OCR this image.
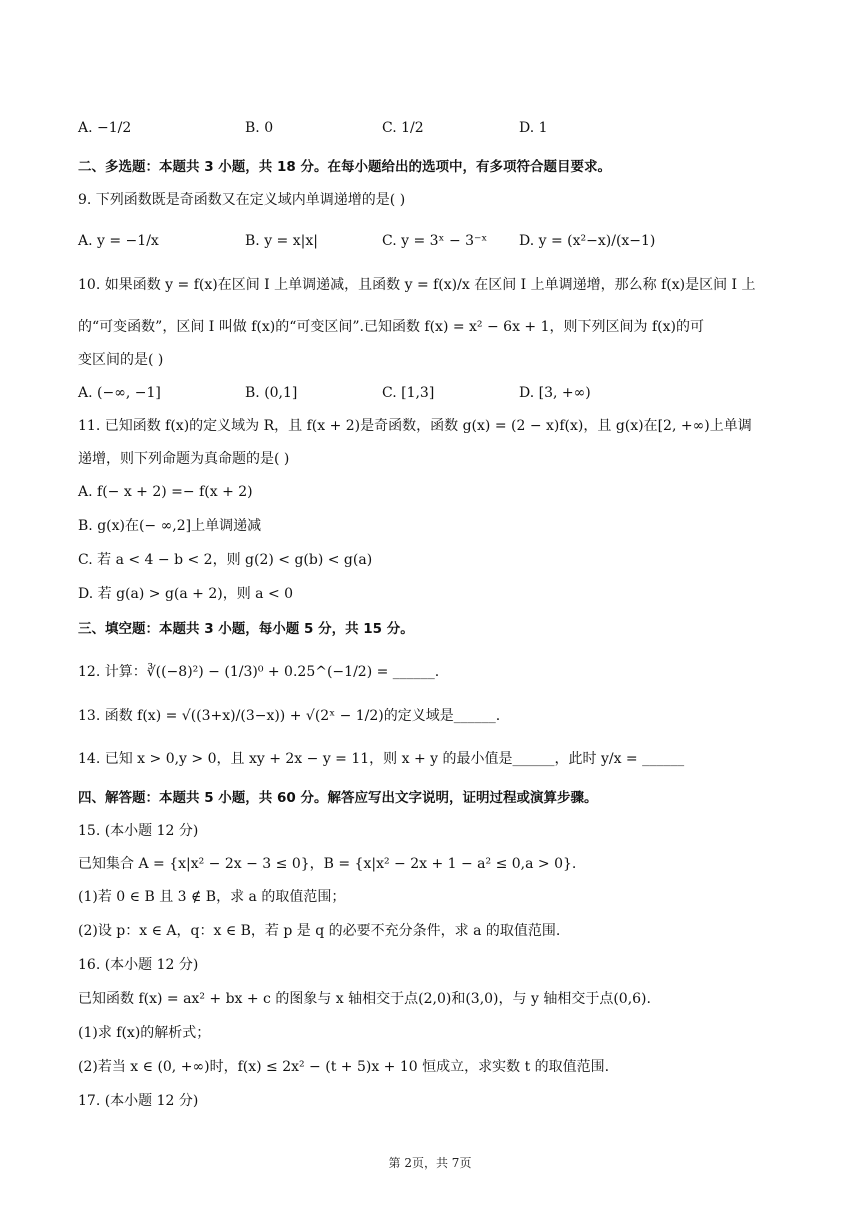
A. −1/2	B. 0	C. 1/2	D. 1
二、多选题：本题共 3 小题，共 18 分。在每小题给出的选项中，有多项符合题目要求。
9. 下列函数既是奇函数又在定义域内单调递增的是( )
A. y = −1/x	B. y = x|x|	C. y = 3ˣ − 3⁻ˣ D. y = (x²−x)/(x−1)
10. 如果函数 y = f(x)在区间 I 上单调递减，且函数 y = f(x)/x 在区间 I 上单调递增，那么称 f(x)是区间 I 上
的“可变函数”，区间 I 叫做 f(x)的“可变区间”.已知函数 f(x) = x² − 6x + 1，则下列区间为 f(x)的可
变区间的是( )
A. (−∞, −1]	B. (0,1]	C. [1,3]	D. [3, +∞)
11. 已知函数 f(x)的定义域为 R，且 f(x + 2)是奇函数，函数 g(x) = (2 − x)f(x)，且 g(x)在[2, +∞)上单调
递增，则下列命题为真命题的是( )
A. f(− x + 2) =− f(x + 2)
B. g(x)在(− ∞,2]上单调递减
C. 若 a < 4 − b < 2，则 g(2) < g(b) < g(a)
D. 若 g(a) > g(a + 2)，则 a < 0
三、填空题：本题共 3 小题，每小题 5 分，共 15 分。
12. 计算：∛((−8)²) − (1/3)⁰ + 0.25^(−1/2) = ______.
13. 函数 f(x) = √((3+x)/(3−x)) + √(2ˣ − 1/2)的定义域是______.
14. 已知 x > 0,y > 0，且 xy + 2x − y = 11，则 x + y 的最小值是______，此时 y/x = ______
四、解答题：本题共 5 小题，共 60 分。解答应写出文字说明，证明过程或演算步骤。
15. (本小题 12 分)
已知集合 A = {x|x² − 2x − 3 ≤ 0}，B = {x|x² − 2x + 1 − a² ≤ 0,a > 0}.
(1)若 0 ∈ B 且 3 ∉ B，求 a 的取值范围；
(2)设 p：x ∈ A，q：x ∈ B，若 p 是 q 的必要不充分条件，求 a 的取值范围.
16. (本小题 12 分)
已知函数 f(x) = ax² + bx + c 的图象与 x 轴相交于点(2,0)和(3,0)，与 y 轴相交于点(0,6).
(1)求 f(x)的解析式；
(2)若当 x ∈ (0, +∞)时，f(x) ≤ 2x² − (t + 5)x + 10 恒成立，求实数 t 的取值范围.
17. (本小题 12 分)
第 2页，共 7页
